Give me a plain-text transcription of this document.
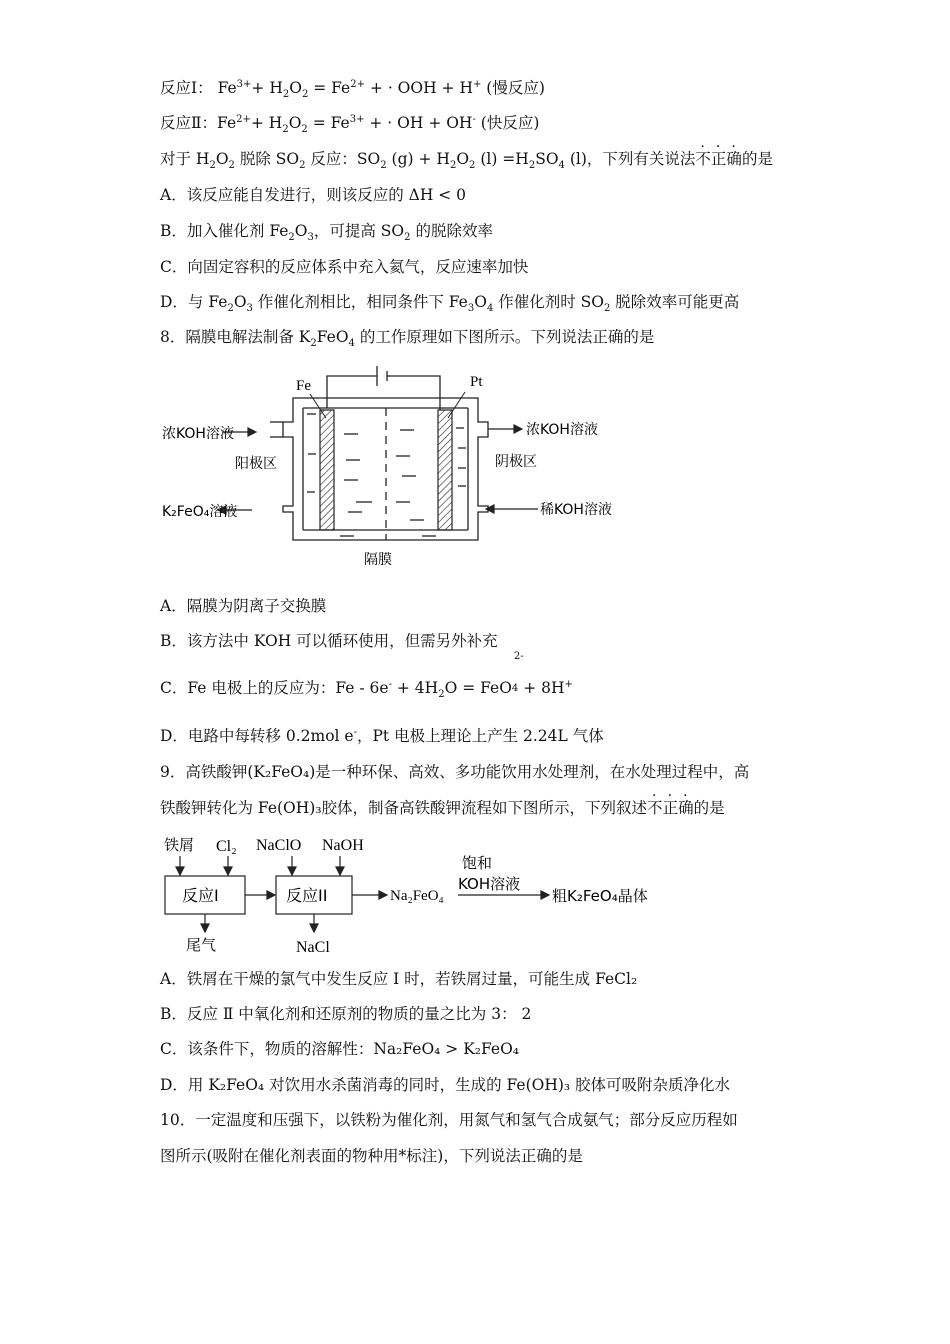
反应Ⅰ： $Fe^{3+}+ H_2O_2 = Fe^{2+}$ + · OOH + H+ (慢反应)
反应Ⅱ：$Fe^{2+}+ H_2O_2 = Fe^{3+}$ + · OH + OH- (快反应)
对于 $H_2O_2$ 脱除 $SO_2$ 反应：$SO_2$ $(g) + H_2O_2$ $(l) =H_2SO_4$ (l)，下列有关说法不正确的是
A．该反应能自发进行，则该反应的 ΔH < 0
B．加入催化剂 $Fe_2O_3$，可提高 $SO_2$ 的脱除效率
C．向固定容积的反应体系中充入氦气，反应速率加快
D．与 $Fe_2O_3$ 作催化剂相比，相同条件下 $Fe_3O_4$ 作催化剂时 $SO_2$ 脱除效率可能更高
8．隔膜电解法制备 $K_2FeO_4$ 的工作原理如下图所示。下列说法正确的是
Fe	Pt
浓KOH溶液
阳极区
K₂FeO₄溶液
浓KOH溶液
阴极区
稀KOH溶液
隔膜
A．隔膜为阴离子交换膜
B．该方法中 KOH 可以循环使用，但需另外补充
C．Fe 电极上的反应为：$Fe - 6e^- + 4H_2O$ = FeO
2-
$_4$ + 8H+
D．电路中每转移 0.2mol e-，Pt 电极上理论上产生 2.24L 气体
9．高铁酸钾(K₂FeO₄)是一种环保、高效、多功能饮用水处理剂，在水处理过程中，高
铁酸钾转化为 Fe(OH)₃胶体，制备高铁酸钾流程如下图所示，下列叙述不正确的是
铁屑 Cl₂ NaClO NaOH
反应I	反应II
尾气	NaCl
Na₂FeO₄
饱和
KOH溶液
粗K₂FeO₄晶体
A．铁屑在干燥的氯气中发生反应 Ⅰ 时，若铁屑过量，可能生成 FeCl₂
B．反应 Ⅱ 中氧化剂和还原剂的物质的量之比为 3： 2
C．该条件下，物质的溶解性：Na₂FeO₄ > K₂FeO₄
D．用 K₂FeO₄ 对饮用水杀菌消毒的同时，生成的 Fe(OH)₃ 胶体可吸附杂质净化水
10．一定温度和压强下，以铁粉为催化剂，用氮气和氢气合成氨气；部分反应历程如
图所示(吸附在催化剂表面的物种用*标注)，下列说法正确的是
